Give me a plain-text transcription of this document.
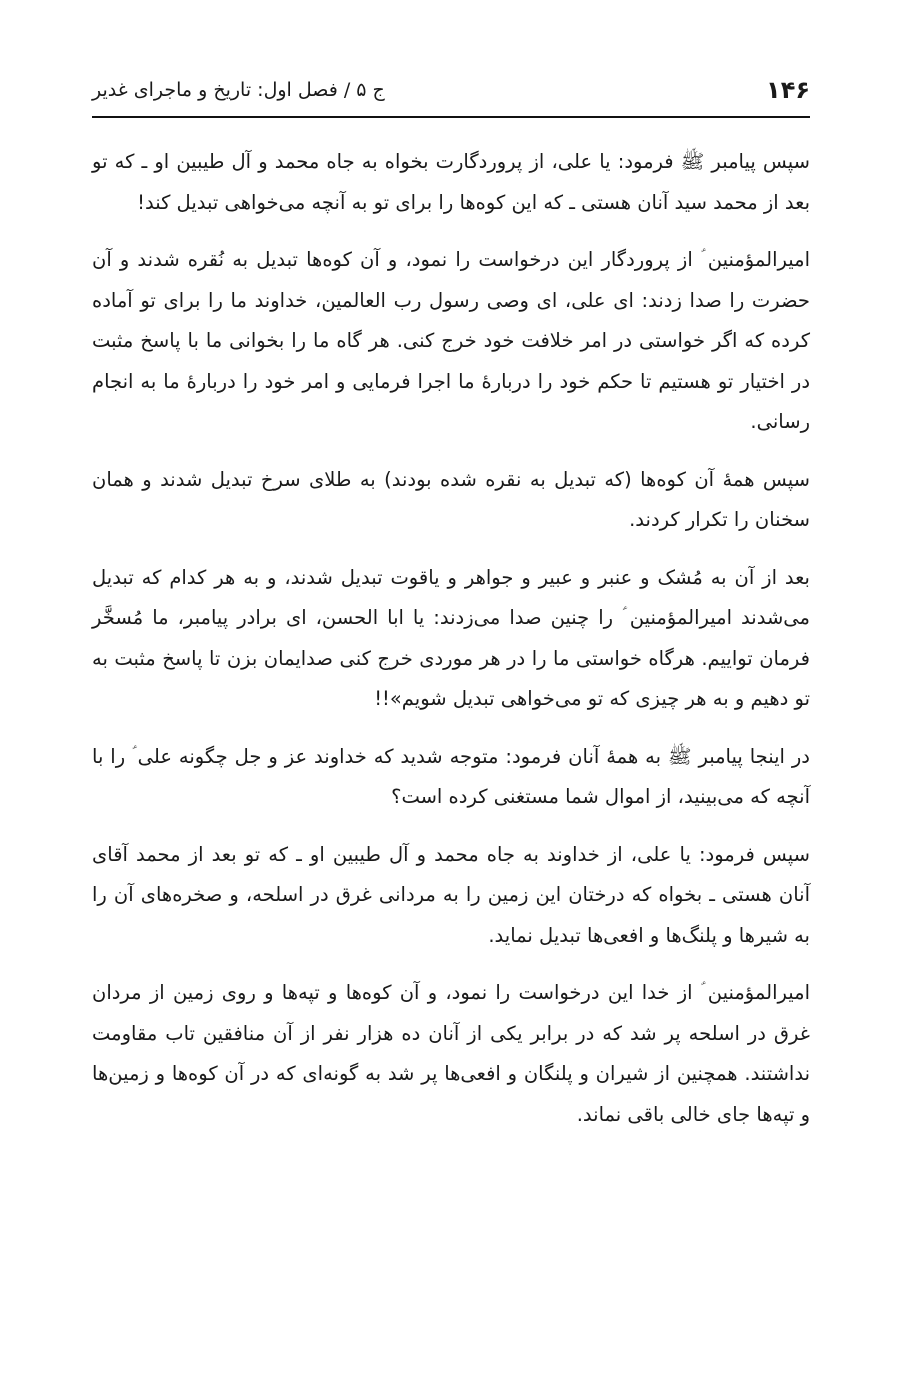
۱۴۶
ج ۵ / فصل اول: تاریخ و ماجرای غدیر

سپس پیامبر ﷺ فرمود: یا علی، از پروردگارت بخواه به جاه محمد و آل طیبین او ـ که تو بعد از محمد سید آنان هستی ـ که این کوه‌ها را برای تو به آنچه می‌خواهی تبدیل کند!

امیرالمؤمنین ؑ از پروردگار این درخواست را نمود، و آن کوه‌ها تبدیل به نُقره شدند و آن حضرت را صدا زدند: ای علی، ای وصی رسول رب العالمین، خداوند ما را برای تو آماده کرده که اگر خواستی در امر خلافت خود خرج کنی. هر گاه ما را بخوانی ما با پاسخ مثبت در اختیار تو هستیم تا حکم خود را دربارهٔ ما اجرا فرمایی و امر خود را دربارهٔ ما به انجام رسانی.

سپس همهٔ آن کوه‌ها (که تبدیل به نقره شده بودند) به طلای سرخ تبدیل شدند و همان سخنان را تکرار کردند.

بعد از آن به مُشک و عنبر و عبیر و جواهر و یاقوت تبدیل شدند، و به هر کدام که تبدیل می‌شدند امیرالمؤمنین ؑ را چنین صدا می‌زدند: یا ابا الحسن، ای برادر پیامبر، ما مُسخَّر فرمان تواییم. هرگاه خواستی ما را در هر موردی خرج کنی صدایمان بزن تا پاسخ مثبت به تو دهیم و به هر چیزی که تو می‌خواهی تبدیل شویم»!!

در اینجا پیامبر ﷺ به همهٔ آنان فرمود: متوجه شدید که خداوند عز و جل چگونه علی ؑ را با آنچه که می‌بینید، از اموال شما مستغنی کرده است؟

سپس فرمود: یا علی، از خداوند به جاه محمد و آل طیبین او ـ که تو بعد از محمد آقای آنان هستی ـ بخواه که درختان این زمین را به مردانی غرق در اسلحه، و صخره‌های آن را به شیرها و پلنگ‌ها و افعی‌ها تبدیل نماید.

امیرالمؤمنین ؑ از خدا این درخواست را نمود، و آن کوه‌ها و تپه‌ها و روی زمین از مردان غرق در اسلحه پر شد که در برابر یکی از آنان ده هزار نفر از آن منافقین تاب مقاومت نداشتند. همچنین از شیران و پلنگان و افعی‌ها پر شد به گونه‌ای که در آن کوه‌ها و زمین‌ها و تپه‌ها جای خالی باقی نماند.
